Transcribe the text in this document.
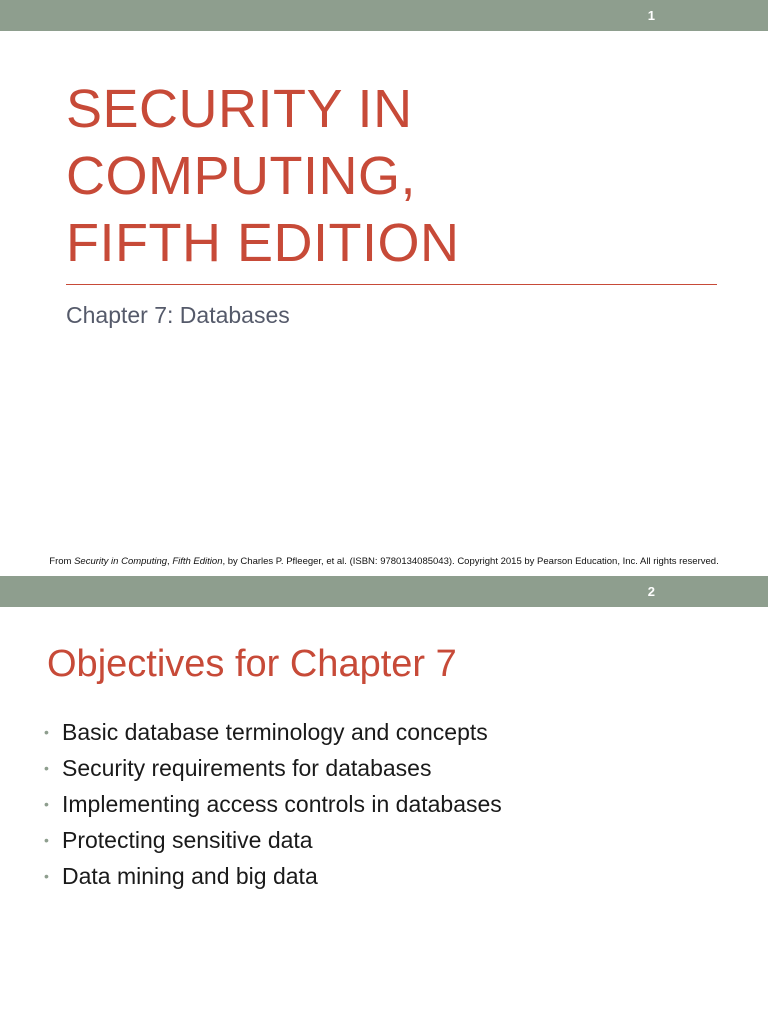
1
SECURITY IN
COMPUTING,
FIFTH EDITION
Chapter 7: Databases
From Security in Computing, Fifth Edition, by Charles P. Pfleeger, et al. (ISBN: 9780134085043). Copyright 2015 by Pearson Education, Inc. All rights reserved.
2
Objectives for Chapter 7
• Basic database terminology and concepts
• Security requirements for databases
• Implementing access controls in databases
• Protecting sensitive data
• Data mining and big data
